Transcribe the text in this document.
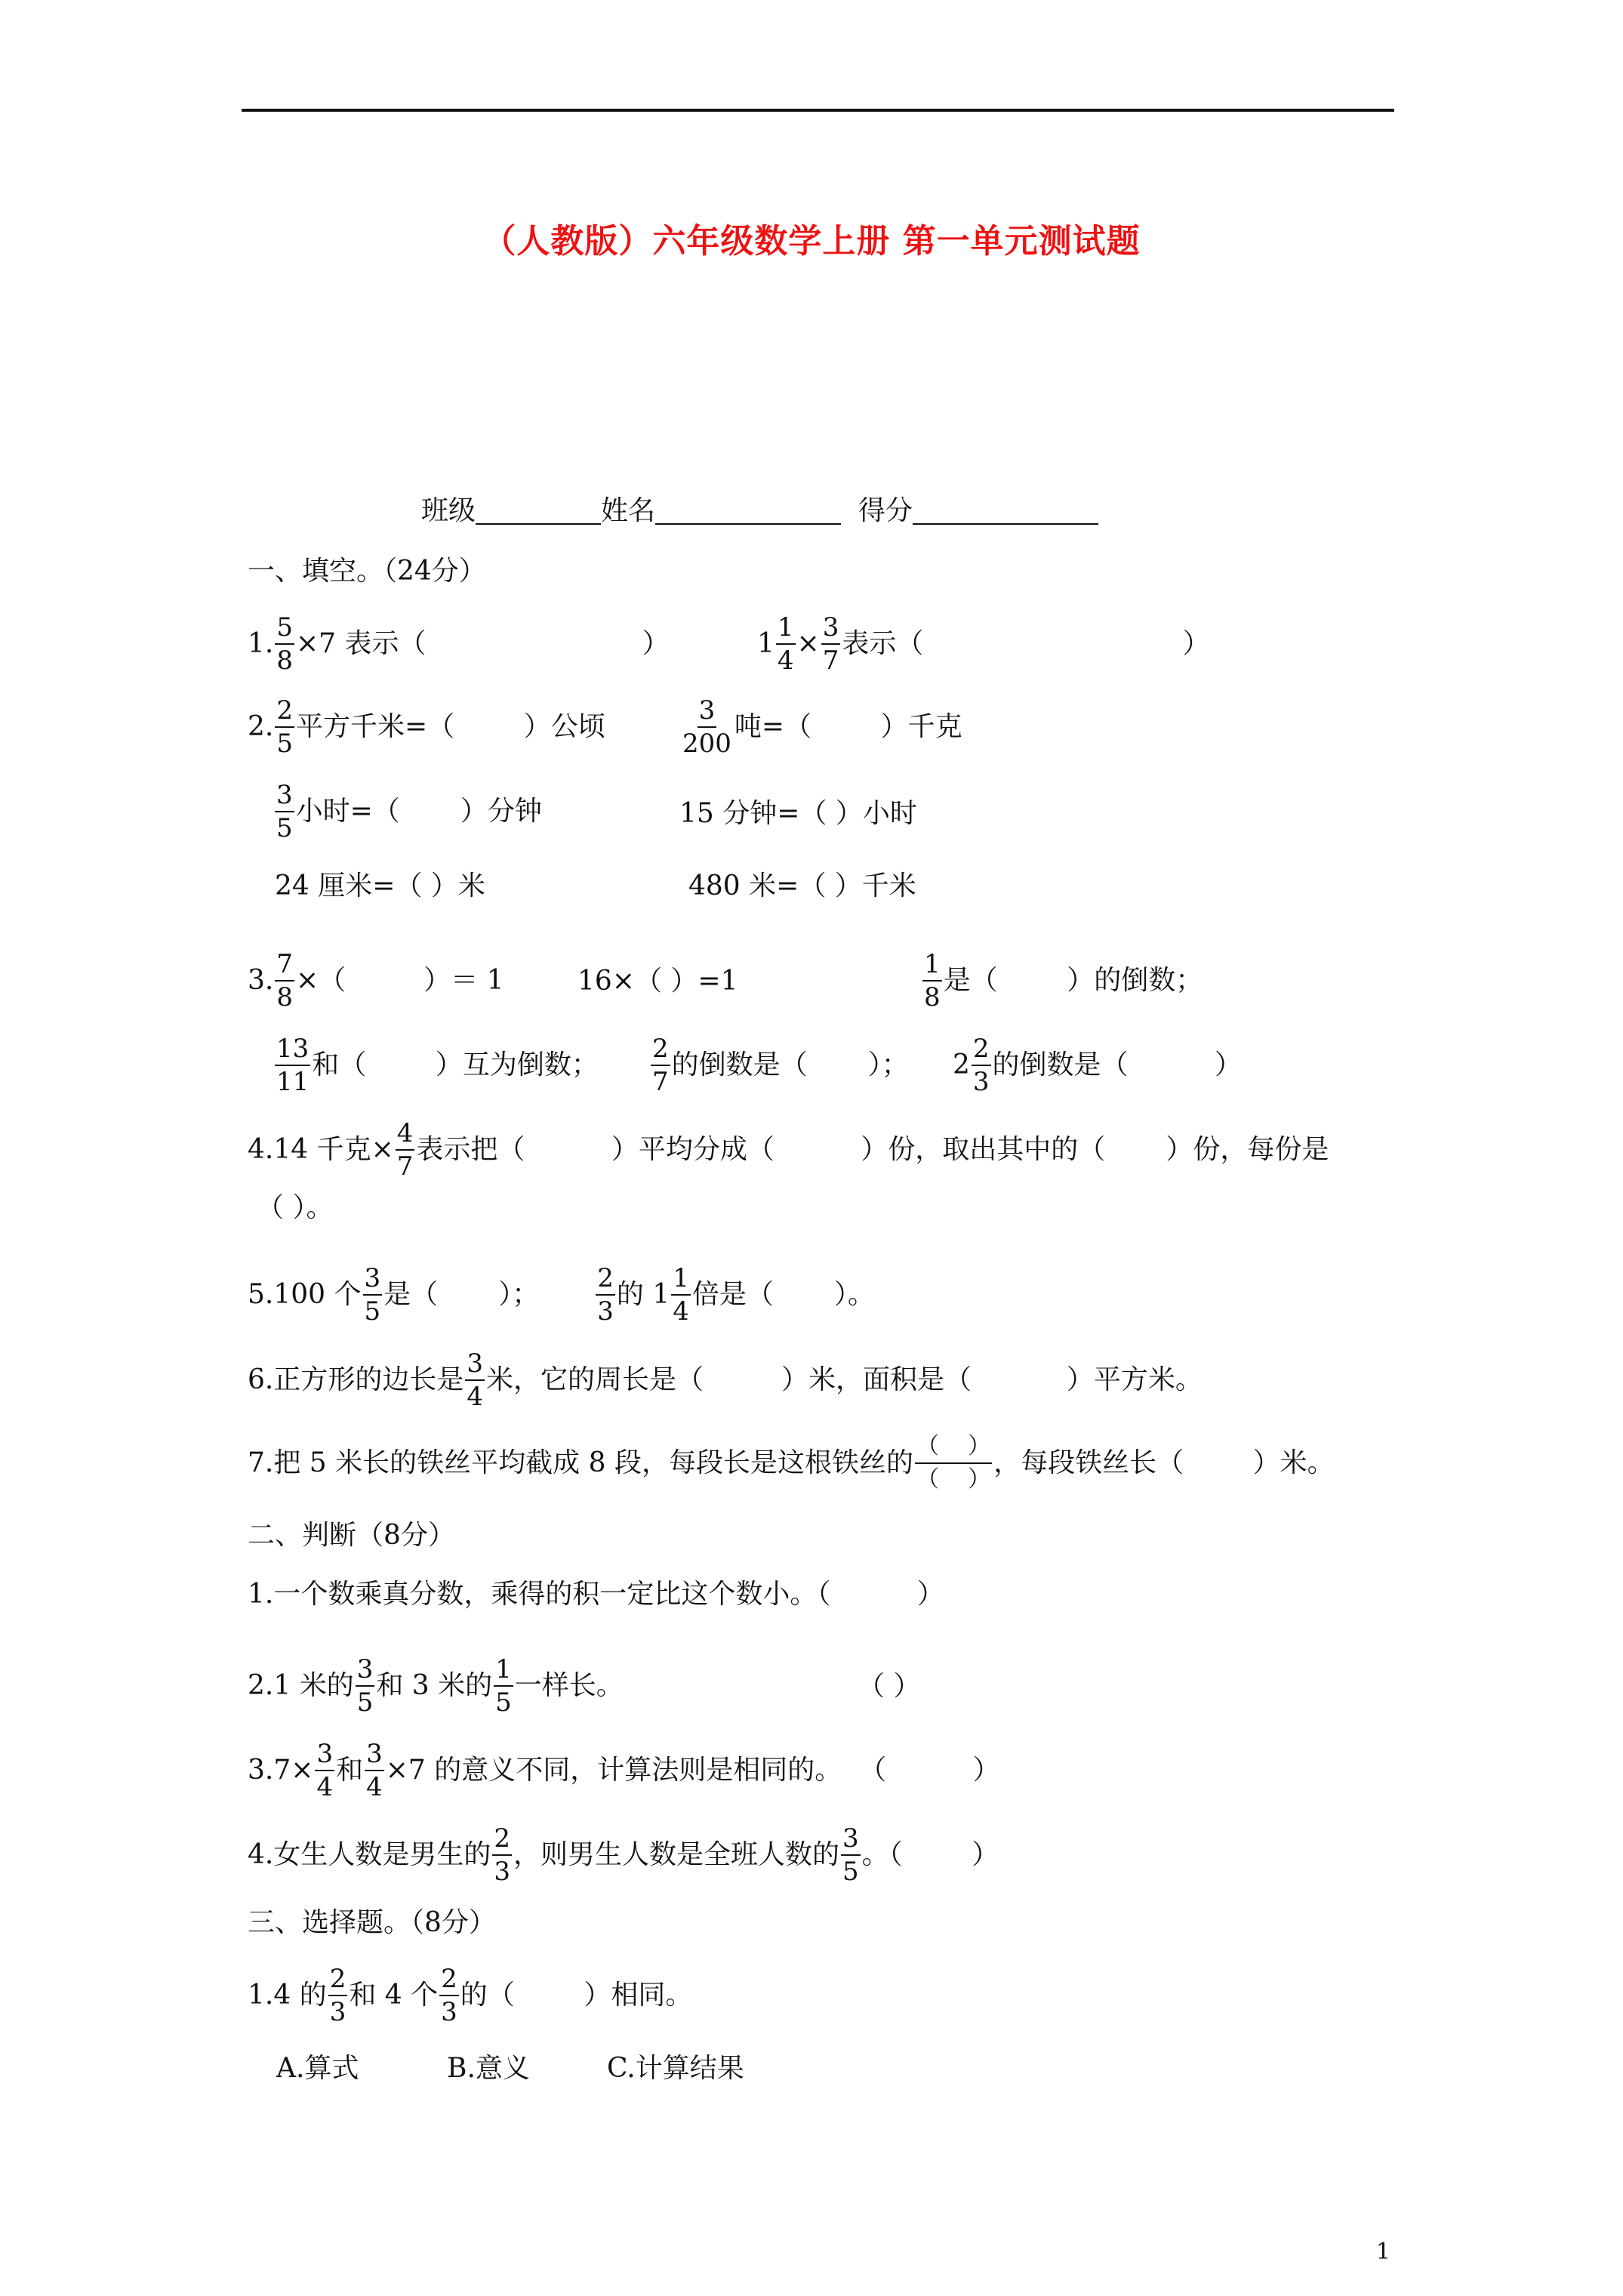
（人教版）六年级数学上册 第一单元测试题
班级	姓名	得分
一、填空。（24分）
1. $\frac{5}{8} \times 7$ 表示（                         ）	$1 \frac{1}{4} \times \frac{3}{7}$ 表示（                              ）
2. $\frac{2}{5}$ 平方千米=（        ）公顷	$\frac{3}{200}$ 吨=（        ）千克
$\frac{3}{5}$ 小时=（       ）分钟	15 分钟=（ ）小时
24 厘米=（ ）米	480 米=（ ）千米
3. $\frac{7}{8}$ ×（         ）＝ 1	16×（ ）=1	$\frac{1}{8}$ 是（        ）的倒数；
$\frac{13}{11}$ 和（        ）互为倒数； $\frac{2}{7}$ 的倒数是（       ）； $2 \frac{2}{3}$ 的倒数是（          ）
4.14 千克× $\frac{4}{7}$ 表示把（          ）平均分成（          ）份，取出其中的（       ）份，每份是
（ ）。
5.100 个 $\frac{3}{5}$ 是（       ）； $\frac{2}{3}$ 的 $1 \frac{1}{4}$ 倍是（       ）。
6.正方形的边长是 $\frac{3}{4}$ 米，它的周长是（         ）米，面积是（           ）平方米。
7.把 5 米长的铁丝平均截成 8 段，每段长是这根铁丝的
（    ）
（    ）
，每段铁丝长（        ）米。
二、判断（8分）
1.一个数乘真分数，乘得的积一定比这个数小。（          ）
2.1 米的 $\frac{3}{5}$ 和 3 米的 $\frac{1}{5}$ 一样长。	（ ）
$3.7\times \frac{3}{4}$ 和 $\frac{3}{4} \times 7$ 的意义不同，计算法则是相同的。  （          ）
4.女生人数是男生的 $\frac{2}{3}$ ，则男生人数是全班人数的 $\frac{3}{5}$ 。（        ）
三、选择题。（8分）
1.4 的 $\frac{2}{3}$ 和 4 个 $\frac{2}{3}$ 的（        ）相同。
A.算式	B.意义	C.计算结果
1
